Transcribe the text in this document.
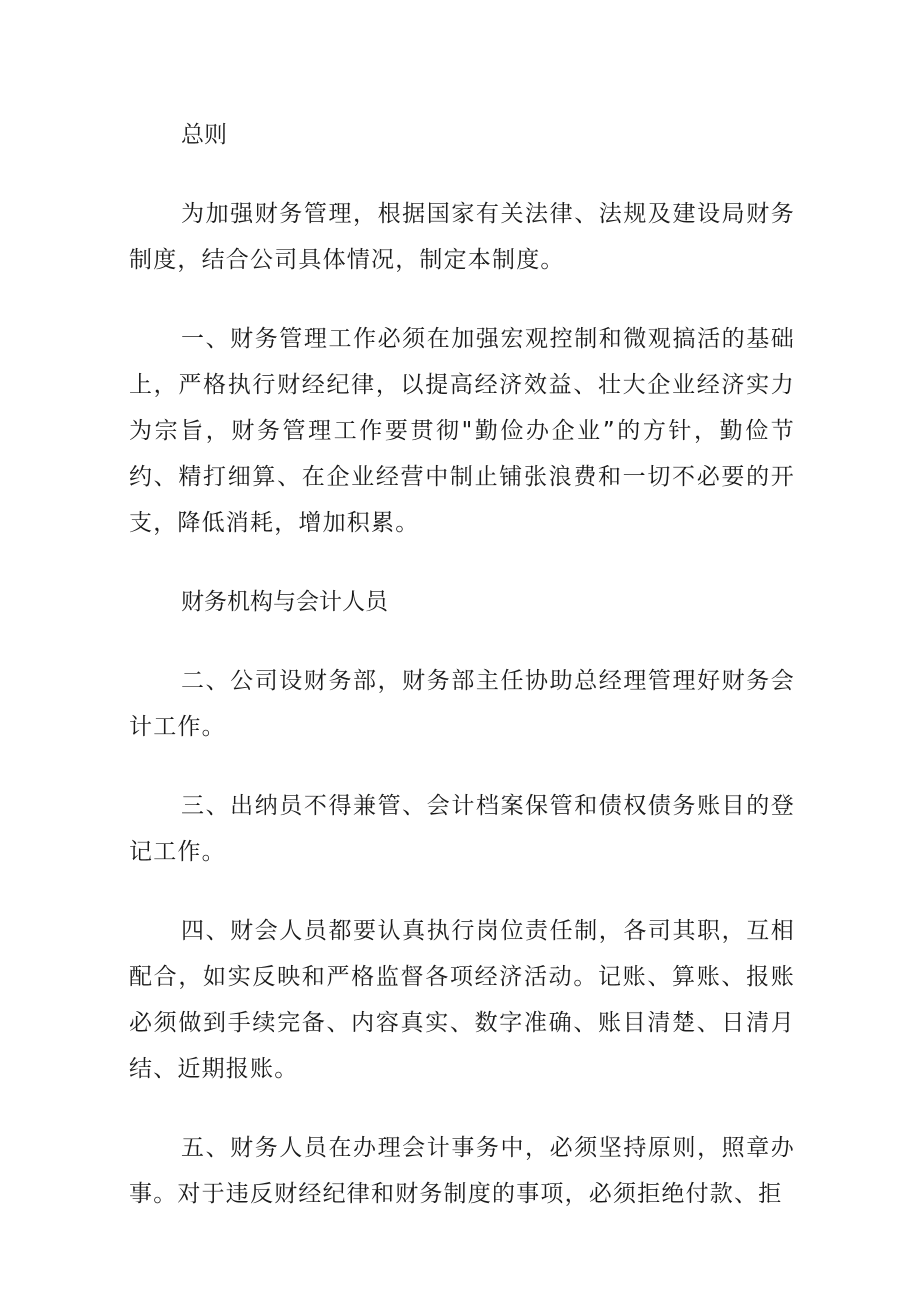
总则

为加强财务管理，根据国家有关法律、法规及建设局财务制度，结合公司具体情况，制定本制度。

一、财务管理工作必须在加强宏观控制和微观搞活的基础上，严格执行财经纪律，以提高经济效益、壮大企业经济实力为宗旨，财务管理工作要贯彻"勤俭办企业”的方针，勤俭节约、精打细算、在企业经营中制止铺张浪费和一切不必要的开支，降低消耗，增加积累。

财务机构与会计人员

二、公司设财务部，财务部主任协助总经理管理好财务会计工作。

三、出纳员不得兼管、会计档案保管和债权债务账目的登记工作。

四、财会人员都要认真执行岗位责任制，各司其职，互相配合，如实反映和严格监督各项经济活动。记账、算账、报账必须做到手续完备、内容真实、数字准确、账目清楚、日清月结、近期报账。

五、财务人员在办理会计事务中，必须坚持原则，照章办事。对于违反财经纪律和财务制度的事项，必须拒绝付款、拒
